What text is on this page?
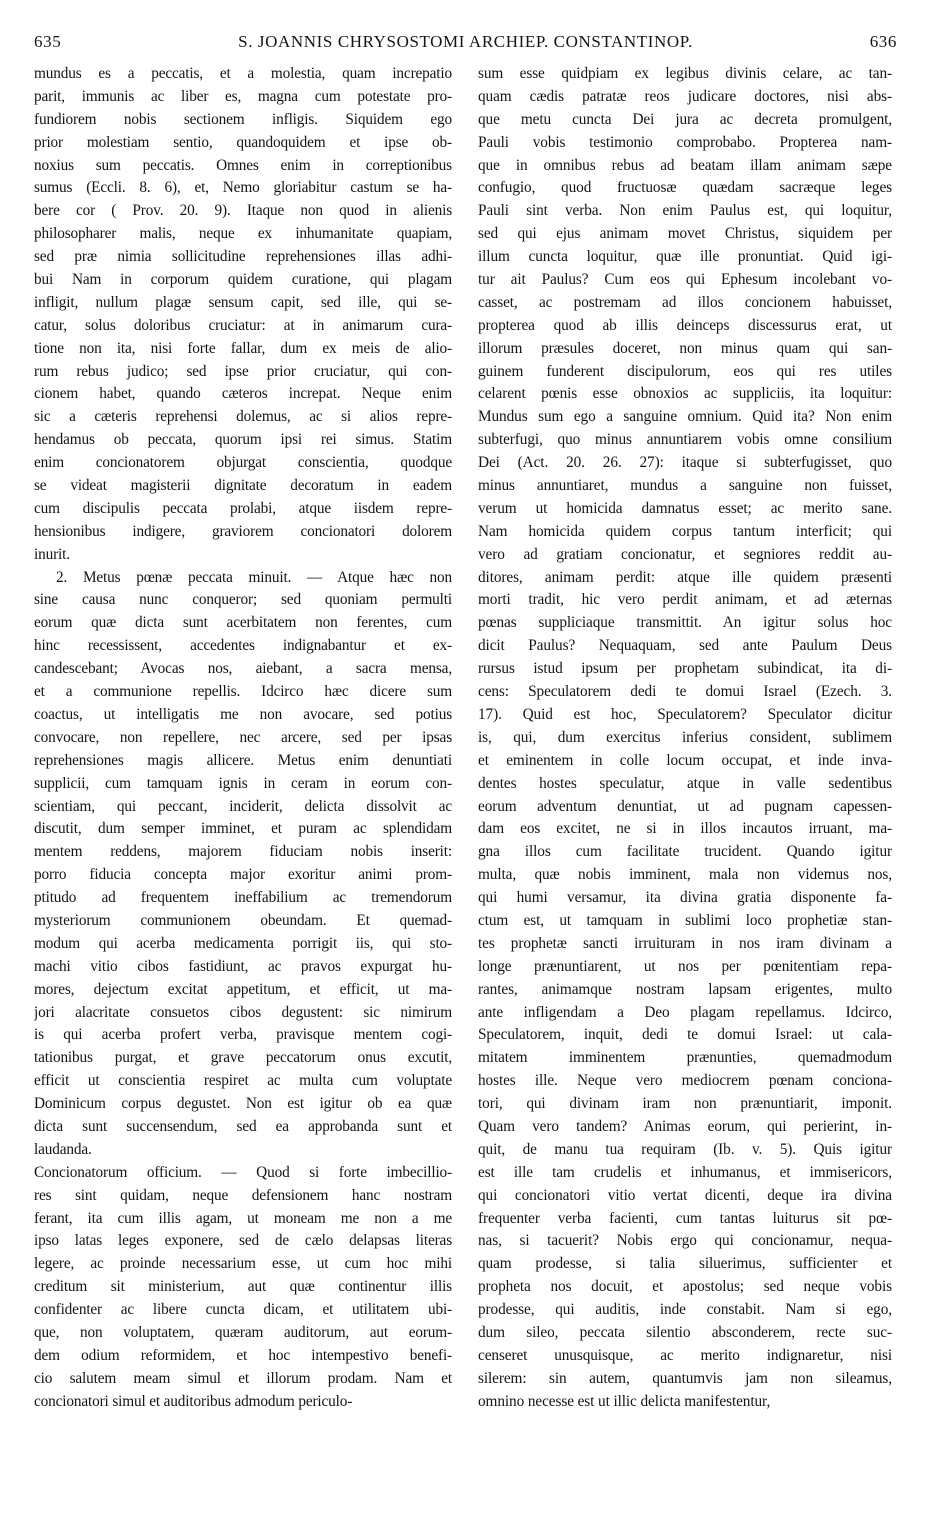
635	S. JOANNIS CHRYSOSTOMI ARCHIEP. CONSTANTINOP.	636
mundus es a peccatis, et a molestia, quam increpatio
parit, immunis ac liber es, magna cum potestate pro-
fundiorem nobis sectionem infligis. Siquidem ego
prior molestiam sentio, quandoquidem et ipse ob-
noxius sum peccatis. Omnes enim in correptionibus
sumus (Eccli. 8. 6), et, Nemo gloriabitur castum se ha-
bere cor ( Prov. 20. 9). Itaque non quod in alienis
philosopharer malis, neque ex inhumanitate quapiam,
sed præ nimia sollicitudine reprehensiones illas adhi-
bui Nam in corporum quidem curatione, qui plagam
infligit, nullum plagæ sensum capit, sed ille, qui se-
catur, solus doloribus cruciatur: at in animarum cura-
tione non ita, nisi forte fallar, dum ex meis de alio-
rum rebus judico; sed ipse prior cruciatur, qui con-
cionem habet, quando cæteros increpat. Neque enim
sic a cæteris reprehensi dolemus, ac si alios repre-
hendamus ob peccata, quorum ipsi rei simus. Statim
enim concionatorem objurgat conscientia, quodque
se videat magisterii dignitate decoratum in eadem
cum discipulis peccata prolabi, atque iisdem repre-
hensionibus indigere, graviorem concionatori dolorem
inurit.
2. Metus pœnæ peccata minuit. — Atque hæc non
sine causa nunc conqueror; sed quoniam permulti
eorum quæ dicta sunt acerbitatem non ferentes, cum
hinc recessissent, accedentes indignabantur et ex-
candescebant; Avocas nos, aiebant, a sacra mensa,
et a communione repellis. Idcirco hæc dicere sum
coactus, ut intelligatis me non avocare, sed potius
convocare, non repellere, nec arcere, sed per ipsas
reprehensiones magis allicere. Metus enim denuntiati
supplicii, cum tamquam ignis in ceram in eorum con-
scientiam, qui peccant, inciderit, delicta dissolvit ac
discutit, dum semper imminet, et puram ac splendidam
mentem reddens, majorem fiduciam nobis inserit:
porro fiducia concepta major exoritur animi prom-
ptitudo ad frequentem ineffabilium ac tremendorum
mysteriorum communionem obeundam. Et quemad-
modum qui acerba medicamenta porrigit iis, qui sto-
machi vitio cibos fastidiunt, ac pravos expurgat hu-
mores, dejectum excitat appetitum, et efficit, ut ma-
jori alacritate consuetos cibos degustent: sic nimirum
is qui acerba profert verba, pravisque mentem cogi-
tationibus purgat, et grave peccatorum onus excutit,
efficit ut conscientia respiret ac multa cum voluptate
Dominicum corpus degustet. Non est igitur ob ea quæ
dicta sunt succensendum, sed ea approbanda sunt et
laudanda.
Concionatorum officium. — Quod si forte imbecillio-
res sint quidam, neque defensionem hanc nostram
ferant, ita cum illis agam, ut moneam me non a me
ipso latas leges exponere, sed de cælo delapsas literas
legere, ac proinde necessarium esse, ut cum hoc mihi
creditum sit ministerium, aut quæ continentur illis
confidenter ac libere cuncta dicam, et utilitatem ubi-
que, non voluptatem, quæram auditorum, aut eorum-
dem odium reformidem, et hoc intempestivo benefi-
cio salutem meam simul et illorum prodam. Nam et
concionatori simul et auditoribus admodum periculo-
sum esse quidpiam ex legibus divinis celare, ac tan-
quam cædis patratæ reos judicare doctores, nisi abs-
que metu cuncta Dei jura ac decreta promulgent,
Pauli vobis testimonio comprobabo. Propterea nam-
que in omnibus rebus ad beatam illam animam sæpe
confugio, quod fructuosæ quædam sacræque leges
Pauli sint verba. Non enim Paulus est, qui loquitur,
sed qui ejus animam movet Christus, siquidem per
illum cuncta loquitur, quæ ille pronuntiat. Quid igi-
tur ait Paulus? Cum eos qui Ephesum incolebant vo-
casset, ac postremam ad illos concionem habuisset,
propterea quod ab illis deinceps discessurus erat, ut
illorum præsules doceret, non minus quam qui san-
guinem funderent discipulorum, eos qui res utiles
celarent pœnis esse obnoxios ac suppliciis, ita loquitur:
Mundus sum ego a sanguine omnium. Quid ita? Non enim
subterfugi, quo minus annuntiarem vobis omne consilium
Dei (Act. 20. 26. 27): itaque si subterfugisset, quo
minus annuntiaret, mundus a sanguine non fuisset,
verum ut homicida damnatus esset; ac merito sane.
Nam homicida quidem corpus tantum interficit; qui
vero ad gratiam concionatur, et segniores reddit au-
ditores, animam perdit: atque ille quidem præsenti
morti tradit, hic vero perdit animam, et ad æternas
pœnas suppliciaque transmittit. An igitur solus hoc
dicit Paulus? Nequaquam, sed ante Paulum Deus
rursus istud ipsum per prophetam subindicat, ita di-
cens: Speculatorem dedi te domui Israel (Ezech. 3.
17). Quid est hoc, Speculatorem? Speculator dicitur
is, qui, dum exercitus inferius consident, sublimem
et eminentem in colle locum occupat, et inde inva-
dentes hostes speculatur, atque in valle sedentibus
eorum adventum denuntiat, ut ad pugnam capessen-
dam eos excitet, ne si in illos incautos irruant, ma-
gna illos cum facilitate trucident. Quando igitur
multa, quæ nobis imminent, mala non videmus nos,
qui humi versamur, ita divina gratia disponente fa-
ctum est, ut tamquam in sublimi loco prophetiæ stan-
tes prophetæ sancti irruituram in nos iram divinam a
longe prænuntiarent, ut nos per pœnitentiam repa-
rantes, animamque nostram lapsam erigentes, multo
ante infligendam a Deo plagam repellamus. Idcirco,
Speculatorem, inquit, dedi te domui Israel: ut cala-
mitatem imminentem prænunties, quemadmodum
hostes ille. Neque vero mediocrem pœnam conciona-
tori, qui divinam iram non prænuntiarit, imponit.
Quam vero tandem? Animas eorum, qui perierint, in-
quit, de manu tua requiram (Ib. v. 5). Quis igitur
est ille tam crudelis et inhumanus, et immisericors,
qui concionatori vitio vertat dicenti, deque ira divina
frequenter verba facienti, cum tantas luiturus sit pœ-
nas, si tacuerit? Nobis ergo qui concionamur, nequa-
quam prodesse, si talia siluerimus, sufficienter et
propheta nos docuit, et apostolus; sed neque vobis
prodesse, qui auditis, inde constabit. Nam si ego,
dum sileo, peccata silentio absconderem, recte suc-
censeret unusquisque, ac merito indignaretur, nisi
silerem: sin autem, quantumvis jam non sileamus,
omnino necesse est ut illic delicta manifestentur,
